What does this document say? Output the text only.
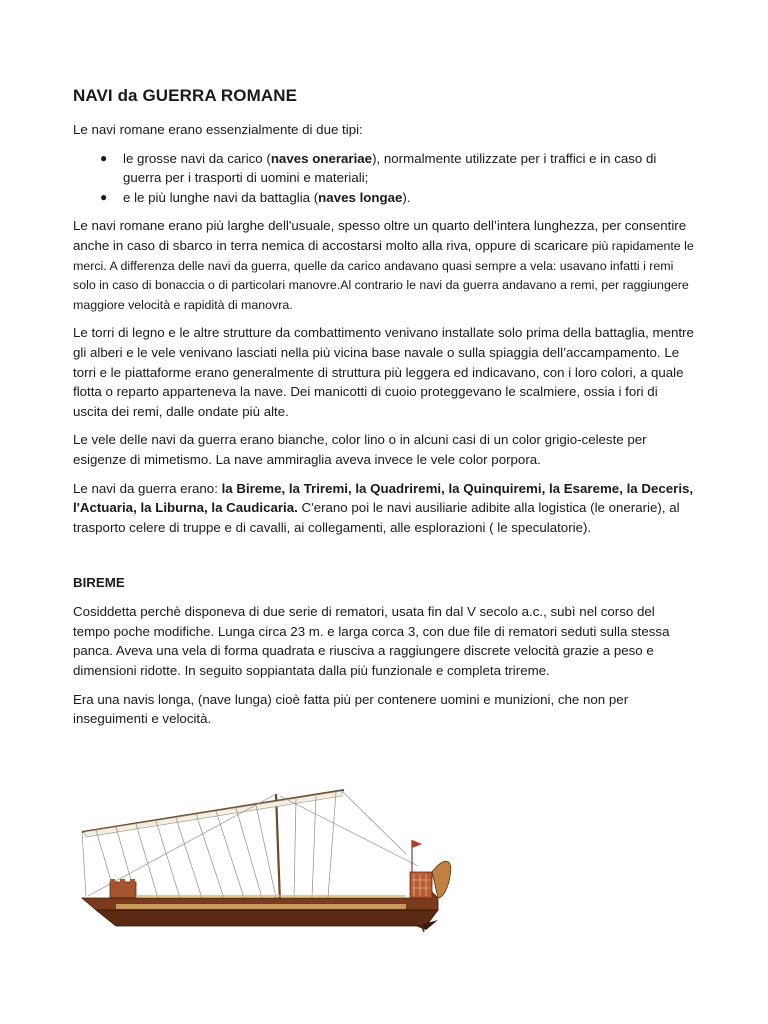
NAVI da GUERRA ROMANE

Le navi romane erano essenzialmente di due tipi:

● le grosse navi da carico (naves onerariae), normalmente utilizzate per i traffici e in caso di guerra per i trasporti di uomini e materiali;
● e le più lunghe navi da battaglia (naves longae).

Le navi romane erano più larghe dell'usuale, spesso oltre un quarto dell’intera lunghezza, per consentire anche in caso di sbarco in terra nemica di accostarsi molto alla riva, oppure di scaricare più rapidamente le merci. A differenza delle navi da guerra, quelle da carico andavano quasi sempre a vela: usavano infatti i remi solo in caso di bonaccia o di particolari manovre.Al contrario le navi da guerra andavano a remi, per raggiungere maggiore velocità e rapidità di manovra.

Le torri di legno e le altre strutture da combattimento venivano installate solo prima della battaglia, mentre gli alberi e le vele venivano lasciati nella più vicina base navale o sulla spiaggia dell’accampamento. Le torri e le piattaforme erano generalmente di struttura più leggera ed indicavano, con i loro colori, a quale flotta o reparto apparteneva la nave. Dei manicotti di cuoio proteggevano le scalmiere, ossia i fori di uscita dei remi, dalle ondate più alte.

Le vele delle navi da guerra erano bianche, color lino o in alcuni casi di un color grigio-celeste per esigenze di mimetismo. La nave ammiraglia aveva invece le vele color porpora.

Le navi da guerra erano: la Bireme, la Triremi, la Quadriremi, la Quinquiremi, la Esareme, la Deceris, l'Actuaria, la Liburna, la Caudicaria. C'erano poi le navi ausiliarie adibite alla logistica (le onerarie), al trasporto celere di truppe e di cavalli, ai collegamenti, alle esplorazioni ( le speculatorie).

BIREME

Cosiddetta perchè disponeva di due serie di rematori, usata fin dal V secolo a.c., subì nel corso del tempo poche modifiche. Lunga circa 23 m. e larga corca 3, con due file di rematori seduti sulla stessa panca. Aveva una vela di forma quadrata e riusciva a raggiungere discrete velocità grazie a peso e dimensioni ridotte. In seguito soppiantata dalla più funzionale e completa trireme.

Era una navis longa, (nave lunga) cioè fatta più per contenere uomini e munizioni, che non per inseguimenti e velocità.
